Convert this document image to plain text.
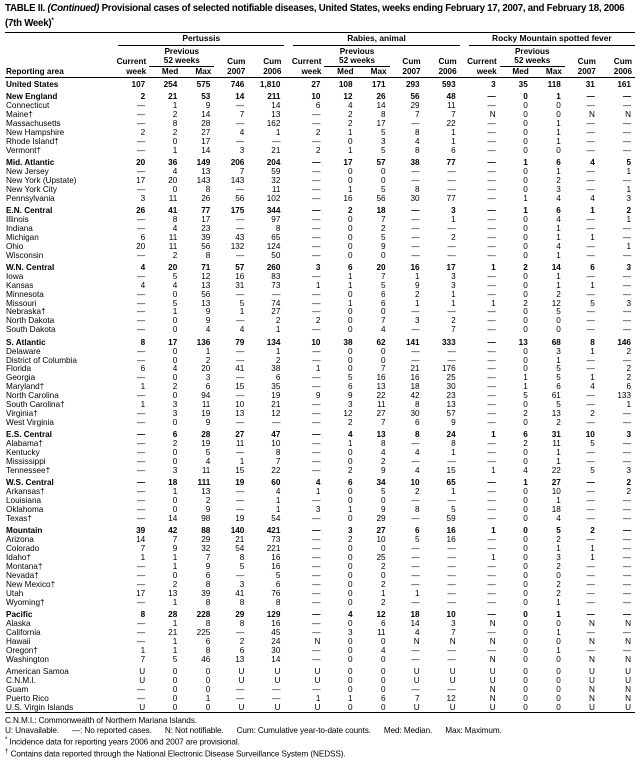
TABLE II. (Continued) Provisional cases of selected notifiable diseases, United States, weeks ending February 17, 2007, and February 18, 2006
(7th Week)*

	Pertussis					Rabies, animal					Rocky Mountain spotted fever				

		Previous					Previous					Previous			
	Current	52 weeks		Cum	Cum	Current	52 weeks		Cum	Cum	Current	52 weeks		Cum	Cum
Reporting area	week	Med	Max	2007	2006	week	Med	Max	2007	2006	week	Med	Max	2007	2006
United States	107	254	575	746	1,810	27	108	171	293	593	3	35	118	31	161

New England	2	21	53	14	211	10	12	26	56	48	—	0	1	—	—
Connecticut	—	1	9	—	14	6	4	14	29	11	—	0	0	—	—
Maine†	—	2	14	7	13	—	2	8	7	7	N	0	0	N	N
Massachusetts	—	8	28	—	162	—	2	17	—	22	—	0	1	—	—
New Hampshire	2	2	27	4	1	2	1	5	8	1	—	0	1	—	—
Rhode Island†	—	0	17	—	—	—	0	3	4	1	—	0	1	—	—
Vermont†	—	1	14	3	21	2	1	5	8	6	—	0	0	—	—

Mid. Atlantic	20	36	149	206	204	—	17	57	38	77	—	1	6	4	5
New Jersey	—	4	13	7	59	—	0	0	—	—	—	0	1	—	1
New York (Upstate)	17	20	143	143	32	—	0	0	—	—	—	0	2	—	—
New York City	—	0	8	—	11	—	1	5	8	—	—	0	3	—	1
Pennsylvania	3	11	26	56	102	—	16	56	30	77	—	1	4	4	3

E.N. Central	26	41	77	175	344	—	2	18	—	3	—	1	6	1	2
Illinois	—	8	17	—	97	—	0	7	—	1	—	0	4	—	1
Indiana	—	4	23	—	8	—	0	2	—	—	—	0	1	—	—
Michigan	6	11	39	43	65	—	0	5	—	2	—	0	1	1	—
Ohio	20	11	56	132	124	—	0	9	—	—	—	0	4	—	1
Wisconsin	—	2	8	—	50	—	0	0	—	—	—	0	1	—	—

W.N. Central	4	20	71	57	260	3	6	20	16	17	1	2	14	6	3
Iowa	—	5	12	16	83	—	1	7	1	3	—	0	1	—	—
Kansas	4	4	13	31	73	1	1	5	9	3	—	0	1	1	—
Minnesota	—	0	56	—	—	—	0	6	2	1	—	0	2	—	—
Missouri	—	5	13	5	74	—	1	6	1	1	1	2	12	5	3
Nebraska†	—	1	9	1	27	—	0	0	—	—	—	0	5	—	—
North Dakota	—	0	9	—	2	2	0	7	3	2	—	0	0	—	—
South Dakota	—	0	4	4	1	—	0	4	—	7	—	0	0	—	—

S. Atlantic	8	17	136	79	134	10	38	62	141	333	—	13	68	8	146
Delaware	—	0	1	—	1	—	0	0	—	—	—	0	3	1	2
District of Columbia	—	0	2	—	2	—	0	0	—	—	—	0	1	—	—
Florida	6	4	20	41	38	1	0	7	21	176	—	0	5	—	2
Georgia	—	0	3	—	6	—	5	16	16	25	—	1	5	1	2
Maryland†	1	2	6	15	35	—	6	13	18	30	—	1	6	4	6
North Carolina	—	0	94	—	19	9	9	22	42	23	—	5	61	—	133
South Carolina†	1	3	11	10	21	—	3	11	8	13	—	0	5	—	1
Virginia†	—	3	19	13	12	—	12	27	30	57	—	2	13	2	—
West Virginia	—	0	9	—	—	—	2	7	6	9	—	0	2	—	—

E.S. Central	—	6	28	27	47	—	4	13	8	24	1	6	31	10	3
Alabama†	—	2	19	11	10	—	1	8	—	8	—	2	11	5	—
Kentucky	—	0	5	—	8	—	0	4	4	1	—	0	1	—	—
Mississippi	—	0	4	1	7	—	0	2	—	—	—	0	1	—	—
Tennessee†	—	3	11	15	22	—	2	9	4	15	1	4	22	5	3

W.S. Central	—	18	111	19	60	4	6	34	10	65	—	1	27	—	2
Arkansas†	—	1	13	—	4	1	0	5	2	1	—	0	10	—	2
Louisiana	—	0	2	—	1	—	0	0	—	—	—	0	1	—	—
Oklahoma	—	0	9	—	1	3	1	9	8	5	—	0	18	—	—
Texas†	—	14	98	19	54	—	0	29	—	59	—	0	4	—	—

Mountain	39	42	88	140	421	—	3	27	6	16	1	0	5	2	—
Arizona	14	7	29	21	73	—	2	10	5	16	—	0	2	—	—
Colorado	7	9	32	54	221	—	0	0	—	—	—	0	1	1	—
Idaho†	1	1	7	8	16	—	0	25	—	—	1	0	3	1	—
Montana†	—	1	9	5	16	—	0	2	—	—	—	0	2	—	—
Nevada†	—	0	6	—	5	—	0	0	—	—	—	0	0	—	—
New Mexico†	—	2	8	3	6	—	0	2	—	—	—	0	2	—	—
Utah	17	13	39	41	76	—	0	1	1	—	—	0	2	—	—
Wyoming†	—	1	8	8	8	—	0	2	—	—	—	0	1	—	—

Pacific	8	28	228	29	129	—	4	12	18	10	—	0	1	—	—
Alaska	—	1	8	8	16	—	0	6	14	3	N	0	0	N	N
California	—	21	225	—	45	—	3	11	4	7	—	0	1	—	—
Hawaii	—	1	6	2	24	N	0	0	N	N	N	0	0	N	N
Oregon†	1	1	8	6	30	—	0	4	—	—	—	0	1	—	—
Washington	7	5	46	13	14	—	0	0	—	—	N	0	0	N	N

American Samoa	U	0	0	U	U	U	0	0	U	U	U	0	0	U	U
C.N.M.I.	U	0	0	U	U	U	0	0	U	U	U	0	0	U	U
Guam	—	0	0	—	—	—	0	0	—	—	N	0	0	N	N
Puerto Rico	—	0	1	—	—	1	1	6	7	12	N	0	0	N	N
U.S. Virgin Islands	U	0	0	U	U	U	0	0	U	U	U	0	0	U	U
C.N.M.I.: Commonwealth of Northern Mariana Islands.
U: Unavailable. —: No reported cases. N: Not notifiable. Cum: Cumulative year-to-date counts. Med: Median. Max: Maximum.
* Incidence data for reporting years 2006 and 2007 are provisional.
† Contains data reported through the National Electronic Disease Surveillance System (NEDSS).
